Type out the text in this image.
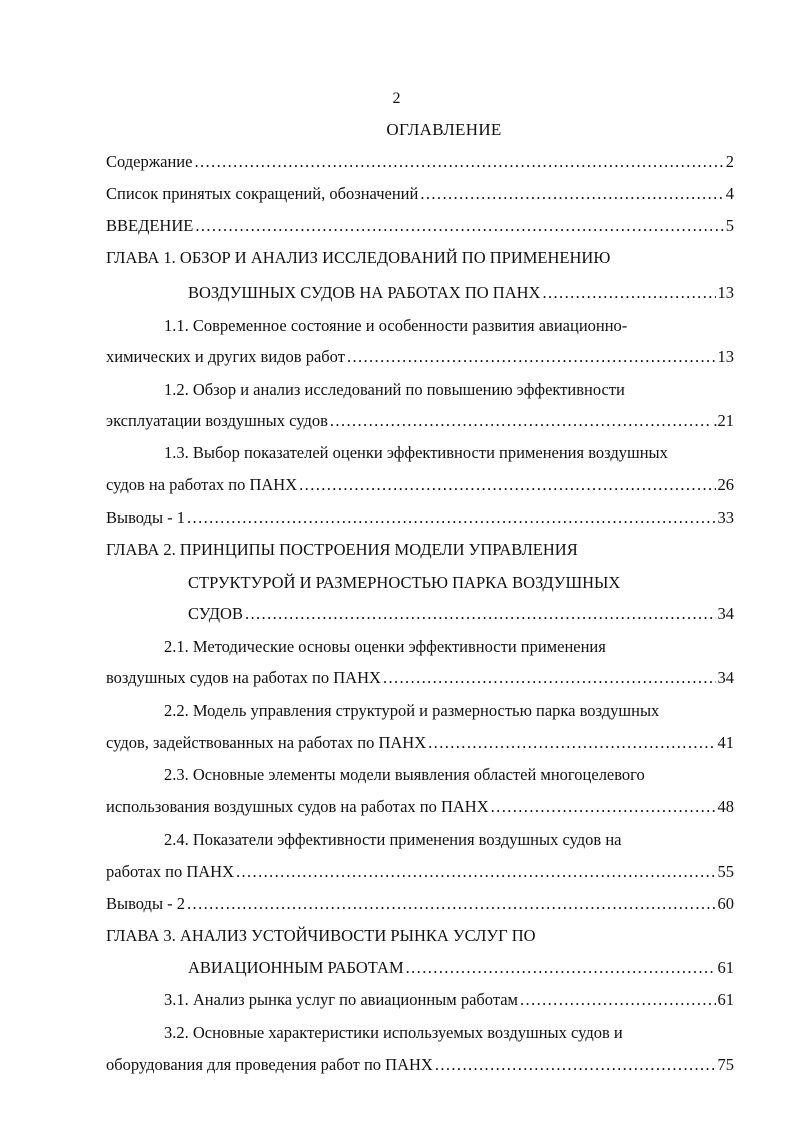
2
ОГЛАВЛЕНИЕ
Содержание .....	2
Список принятых сокращений, обозначений .....	4
ВВЕДЕНИЕ .....	5
ГЛАВА 1. ОБЗОР И АНАЛИЗ ИССЛЕДОВАНИЙ ПО ПРИМЕНЕНИЮ
ВОЗДУШНЫХ СУДОВ НА РАБОТАХ ПО ПАНХ .....	13
1.1. Современное состояние и особенности развития авиационно-
химических и других видов работ .....	13
1.2. Обзор и анализ исследований по повышению эффективности
эксплуатации воздушных судов .....	.21
1.3. Выбор показателей оценки эффективности применения воздушных
судов на работах по ПАНХ .....	26
Выводы - 1 .....	33
ГЛАВА 2. ПРИНЦИПЫ ПОСТРОЕНИЯ МОДЕЛИ УПРАВЛЕНИЯ
СТРУКТУРОЙ И РАЗМЕРНОСТЬЮ ПАРКА ВОЗДУШНЫХ
СУДОВ .....	34
2.1. Методические основы оценки эффективности применения
воздушных судов на работах по ПАНХ .....	34
2.2. Модель управления структурой и размерностью парка воздушных
судов, задействованных на работах по ПАНХ .....	41
2.3. Основные элементы модели выявления областей многоцелевого
использования воздушных судов на работах по ПАНХ .....	48
2.4. Показатели эффективности применения воздушных судов на
работах по ПАНХ .....	55
Выводы - 2 .....	60
ГЛАВА 3. АНАЛИЗ УСТОЙЧИВОСТИ РЫНКА УСЛУГ ПО
АВИАЦИОННЫМ РАБОТАМ .....	61
3.1. Анализ рынка услуг по авиационным работам .....	61
3.2. Основные характеристики используемых воздушных судов и
оборудования для проведения работ по ПАНХ .....	75
